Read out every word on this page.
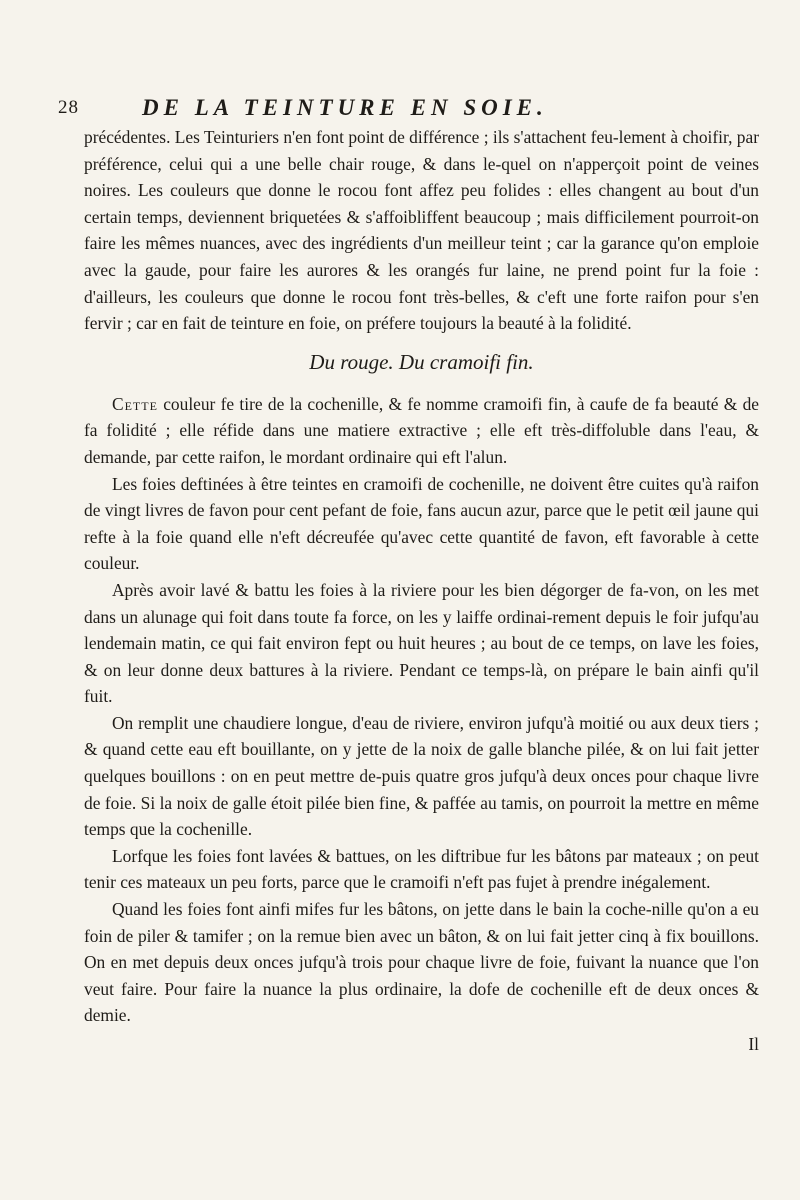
28	DE LA TEINTURE EN SOIE.

précédentes. Les Teinturiers n'en font point de différence ; ils s'attachent feu-lement à choifir, par préférence, celui qui a une belle chair rouge, & dans le-quel on n'apperçoit point de veines noires. Les couleurs que donne le rocou font affez peu folides : elles changent au bout d'un certain temps, deviennent briquetées & s'affoibliffent beaucoup ; mais difficilement pourroit-on faire les mêmes nuances, avec des ingrédients d'un meilleur teint ; car la garance qu'on emploie avec la gaude, pour faire les aurores & les orangés fur laine, ne prend point fur la foie : d'ailleurs, les couleurs que donne le rocou font très-belles, & c'eft une forte raifon pour s'en fervir ; car en fait de teinture en foie, on préfere toujours la beauté à la folidité.

Du rouge. Du cramoifi fin.

Cette couleur fe tire de la cochenille, & fe nomme cramoifi fin, à caufe de fa beauté & de fa folidité ; elle réfide dans une matiere extractive ; elle eft très-diffoluble dans l'eau, & demande, par cette raifon, le mordant ordinaire qui eft l'alun.

Les foies deftinées à être teintes en cramoifi de cochenille, ne doivent être cuites qu'à raifon de vingt livres de favon pour cent pefant de foie, fans aucun azur, parce que le petit œil jaune qui refte à la foie quand elle n'eft décreufée qu'avec cette quantité de favon, eft favorable à cette couleur.

Après avoir lavé & battu les foies à la riviere pour les bien dégorger de fa-von, on les met dans un alunage qui foit dans toute fa force, on les y laiffe ordinai-rement depuis le foir jufqu'au lendemain matin, ce qui fait environ fept ou huit heures ; au bout de ce temps, on lave les foies, & on leur donne deux battures à la riviere. Pendant ce temps-là, on prépare le bain ainfi qu'il fuit.

On remplit une chaudiere longue, d'eau de riviere, environ jufqu'à moitié ou aux deux tiers ; & quand cette eau eft bouillante, on y jette de la noix de galle blanche pilée, & on lui fait jetter quelques bouillons : on en peut mettre de-puis quatre gros jufqu'à deux onces pour chaque livre de foie. Si la noix de galle étoit pilée bien fine, & paffée au tamis, on pourroit la mettre en même temps que la cochenille.

Lorfque les foies font lavées & battues, on les diftribue fur les bâtons par mateaux ; on peut tenir ces mateaux un peu forts, parce que le cramoifi n'eft pas fujet à prendre inégalement.

Quand les foies font ainfi mifes fur les bâtons, on jette dans le bain la coche-nille qu'on a eu foin de piler & tamifer ; on la remue bien avec un bâton, & on lui fait jetter cinq à fix bouillons. On en met depuis deux onces jufqu'à trois pour chaque livre de foie, fuivant la nuance que l'on veut faire. Pour faire la nuance la plus ordinaire, la dofe de cochenille eft de deux onces & demie.

Il
